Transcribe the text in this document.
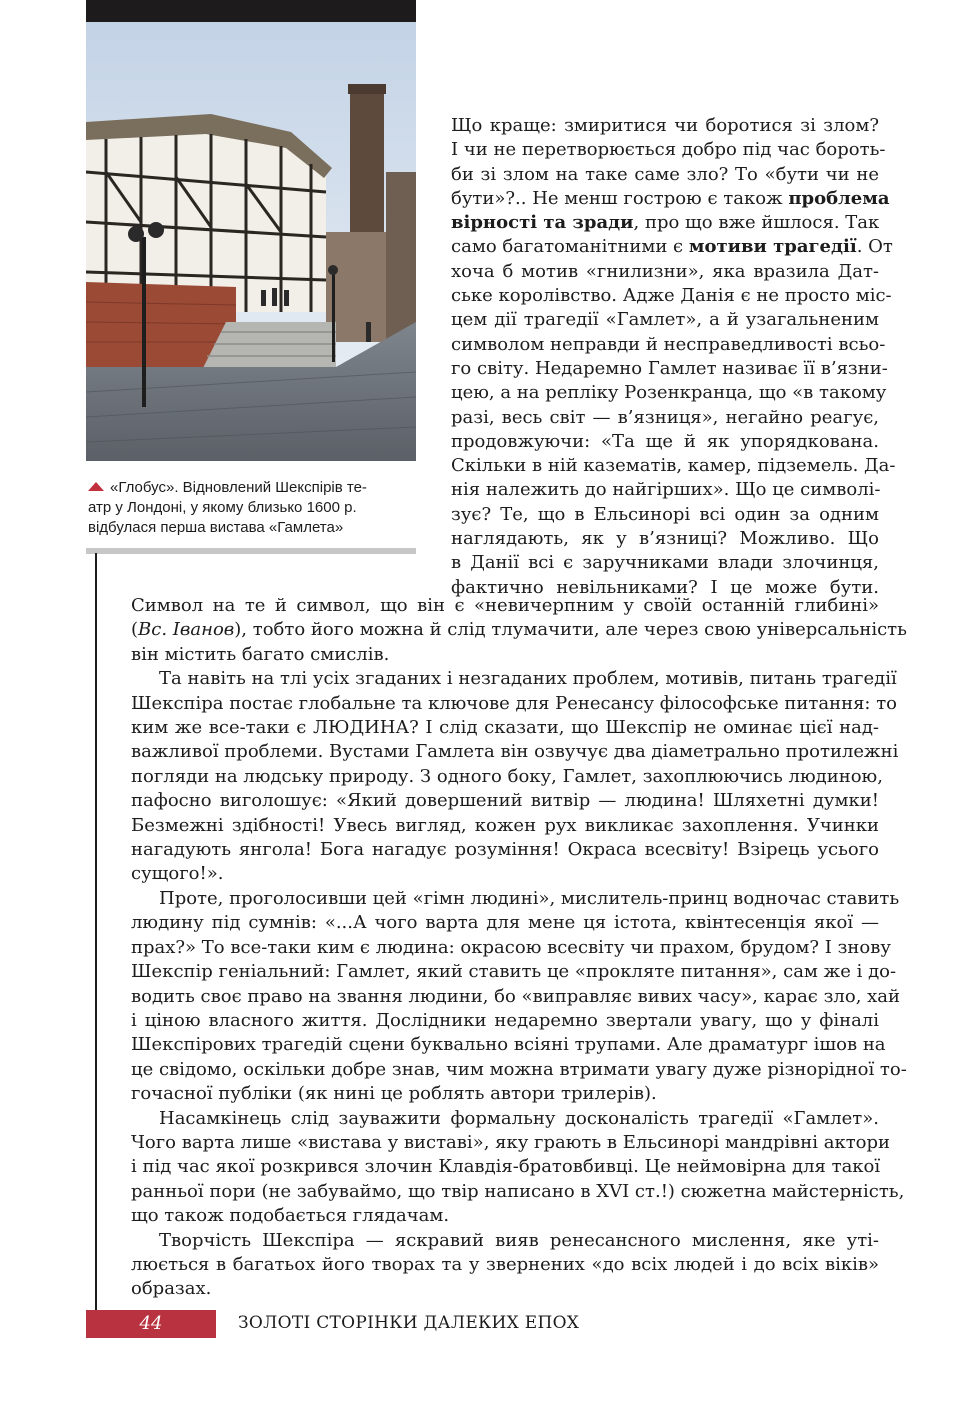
«Глобус». Відновлений Шекспірів те-
атр у Лондоні, у якому близько 1600 р.
відбулася перша вистава «Гамлета»
Що краще: змиритися чи боротися зі злом?
І чи не перетворюється добро під час бороть-
би зі злом на таке саме зло? То «бути чи не
бути»?.. Не менш гострою є також проблема
вірності та зради, про що вже йшлося. Так
само багатоманітними є мотиви трагедії. От
хоча б мотив «гнилизни», яка вразила Дат-
ське королівство. Адже Данія є не просто міс-
цем дії трагедії «Гамлет», а й узагальненим
символом неправди й несправедливості всьо-
го світу. Недаремно Гамлет називає її в’язни-
цею, а на репліку Розенкранца, що «в такому
разі, весь світ — в’язниця», негайно реагує,
продовжуючи: «Та ще й як упорядкована.
Скільки в ній казематів, камер, підземель. Да-
нія належить до найгірших». Що це символі-
зує? Те, що в Ельсинорі всі один за одним
наглядають, як у в’язниці? Можливо. Що
в Данії всі є заручниками влади злочинця,
фактично невільниками? І це може бути.

Символ на те й символ, що він є «невичерпним у своїй останній глибині»
(Вс. Іванов), тобто його можна й слід тлумачити, але через свою універсальність
він містить багато смислів.

Та навіть на тлі усіх згаданих і незгаданих проблем, мотивів, питань трагедії
Шекспіра постає глобальне та ключове для Ренесансу філософське питання: то
ким же все-таки є ЛЮДИНА? І слід сказати, що Шекспір не оминає цієї над-
важливої проблеми. Вустами Гамлета він озвучує два діаметрально протилежні
погляди на людську природу. З одного боку, Гамлет, захоплюючись людиною,
пафосно виголошує: «Який довершений витвір — людина! Шляхетні думки!
Безмежні здібності! Увесь вигляд, кожен рух викликає захоплення. Учинки
нагадують янгола! Бога нагадує розуміння! Окраса всесвіту! Взірець усього
сущого!».

Проте, проголосивши цей «гімн людині», мислитель-принц водночас ставить
людину під сумнів: «...А чого варта для мене ця істота, квінтесенція якої —
прах?» То все-таки ким є людина: окрасою всесвіту чи прахом, брудом? І знову
Шекспір геніальний: Гамлет, який ставить це «прокляте питання», сам же і до-
водить своє право на звання людини, бо «виправляє вивих часу», карає зло, хай
і ціною власного життя. Дослідники недаремно звертали увагу, що у фіналі
Шекспірових трагедій сцени буквально всіяні трупами. Але драматург ішов на
це свідомо, оскільки добре знав, чим можна втримати увагу дуже різнорідної то-
гочасної публіки (як нині це роблять автори трилерів).

Насамкінець слід зауважити формальну досконалість трагедії «Гамлет».
Чого варта лише «вистава у виставі», яку грають в Ельсинорі мандрівні актори
і під час якої розкрився злочин Клавдія-братовбивці. Це неймовірна для такої
ранньої пори (не забуваймо, що твір написано в XVI ст.!) сюжетна майстерність,
що також подобається глядачам.

Творчість Шекспіра — яскравий вияв ренесансного мислення, яке уті-
люється в багатьох його творах та у звернених «до всіх людей і до всіх віків»
образах.

44	ЗОЛОТІ СТОРІНКИ ДАЛЕКИХ ЕПОХ
